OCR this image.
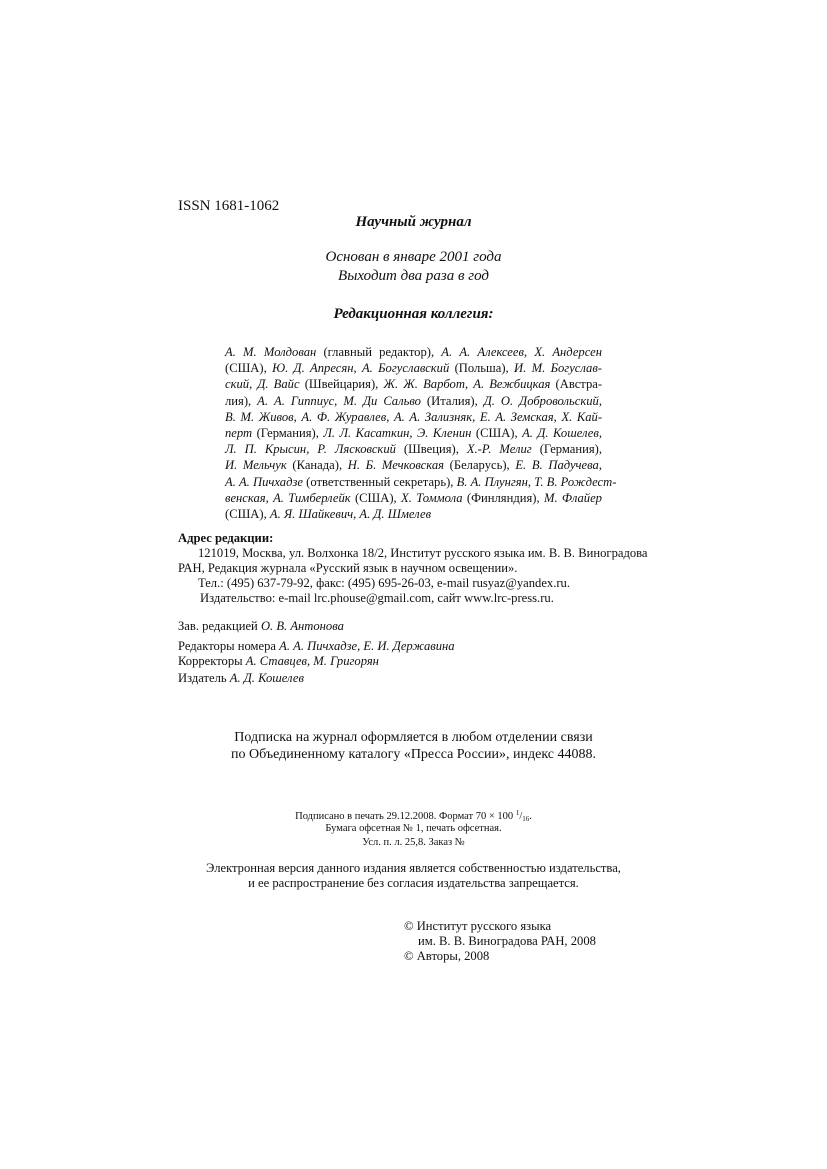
ISSN 1681-1062
Научный журнал
Основан в январе 2001 года
Выходит два раза в год
Редакционная коллегия:
А. М. Молдован (главный редактор), А. А. Алексеев, Х. Андерсен
(США), Ю. Д. Апресян, А. Богуславский (Польша), И. М. Богуслав-
ский, Д. Вайс (Швейцария), Ж. Ж. Варбот, А. Вежбицкая (Австра-
лия), А. А. Гиппиус, М. Ди Сальво (Италия), Д. О. Добровольский,
В. М. Живов, А. Ф. Журавлев, А. А. Зализняк, Е. А. Земская, Х. Кай-
перт (Германия), Л. Л. Касаткин, Э. Кленин (США), А. Д. Кошелев,
Л. П. Крысин, Р. Лясковский (Швеция), Х.-Р. Мелиг (Германия),
И. Мельчук (Канада), Н. Б. Мечковская (Беларусь), Е. В. Падучева,
А. А. Пичхадзе (ответственный секретарь), В. А. Плунгян, Т. В. Рождест-
венская, А. Тимберлейк (США), Х. Томмола (Финляндия), М. Флайер
(США), А. Я. Шайкевич, А. Д. Шмелев
Адрес редакции:
121019, Москва, ул. Волхонка 18/2, Институт русского языка им. В. В. Виноградова
РАН, Редакция журнала «Русский язык в научном освещении».
Тел.: (495) 637-79-92, факс: (495) 695-26-03, e-mail rusyaz@yandex.ru.
Издательство: e-mail lrc.phouse@gmail.com, сайт www.lrc-press.ru.
Зав. редакцией О. В. Антонова
Редакторы номера А. А. Пичхадзе, Е. И. Державина
Корректоры А. Ставцев, М. Григорян
Издатель А. Д. Кошелев
Подписка на журнал оформляется в любом отделении связи
по Объединенному каталогу «Пресса России», индекс 44088.
Подписано в печать 29.12.2008. Формат 70 × 100 $^1/_{16}$.
Бумага офсетная № 1, печать офсетная.
Усл. п. л. 25,8. Заказ №
Электронная версия данного издания является собственностью издательства,
и ее распространение без согласия издательства запрещается.
© Институт русского языка
им. В. В. Виноградова РАН, 2008
© Авторы, 2008
